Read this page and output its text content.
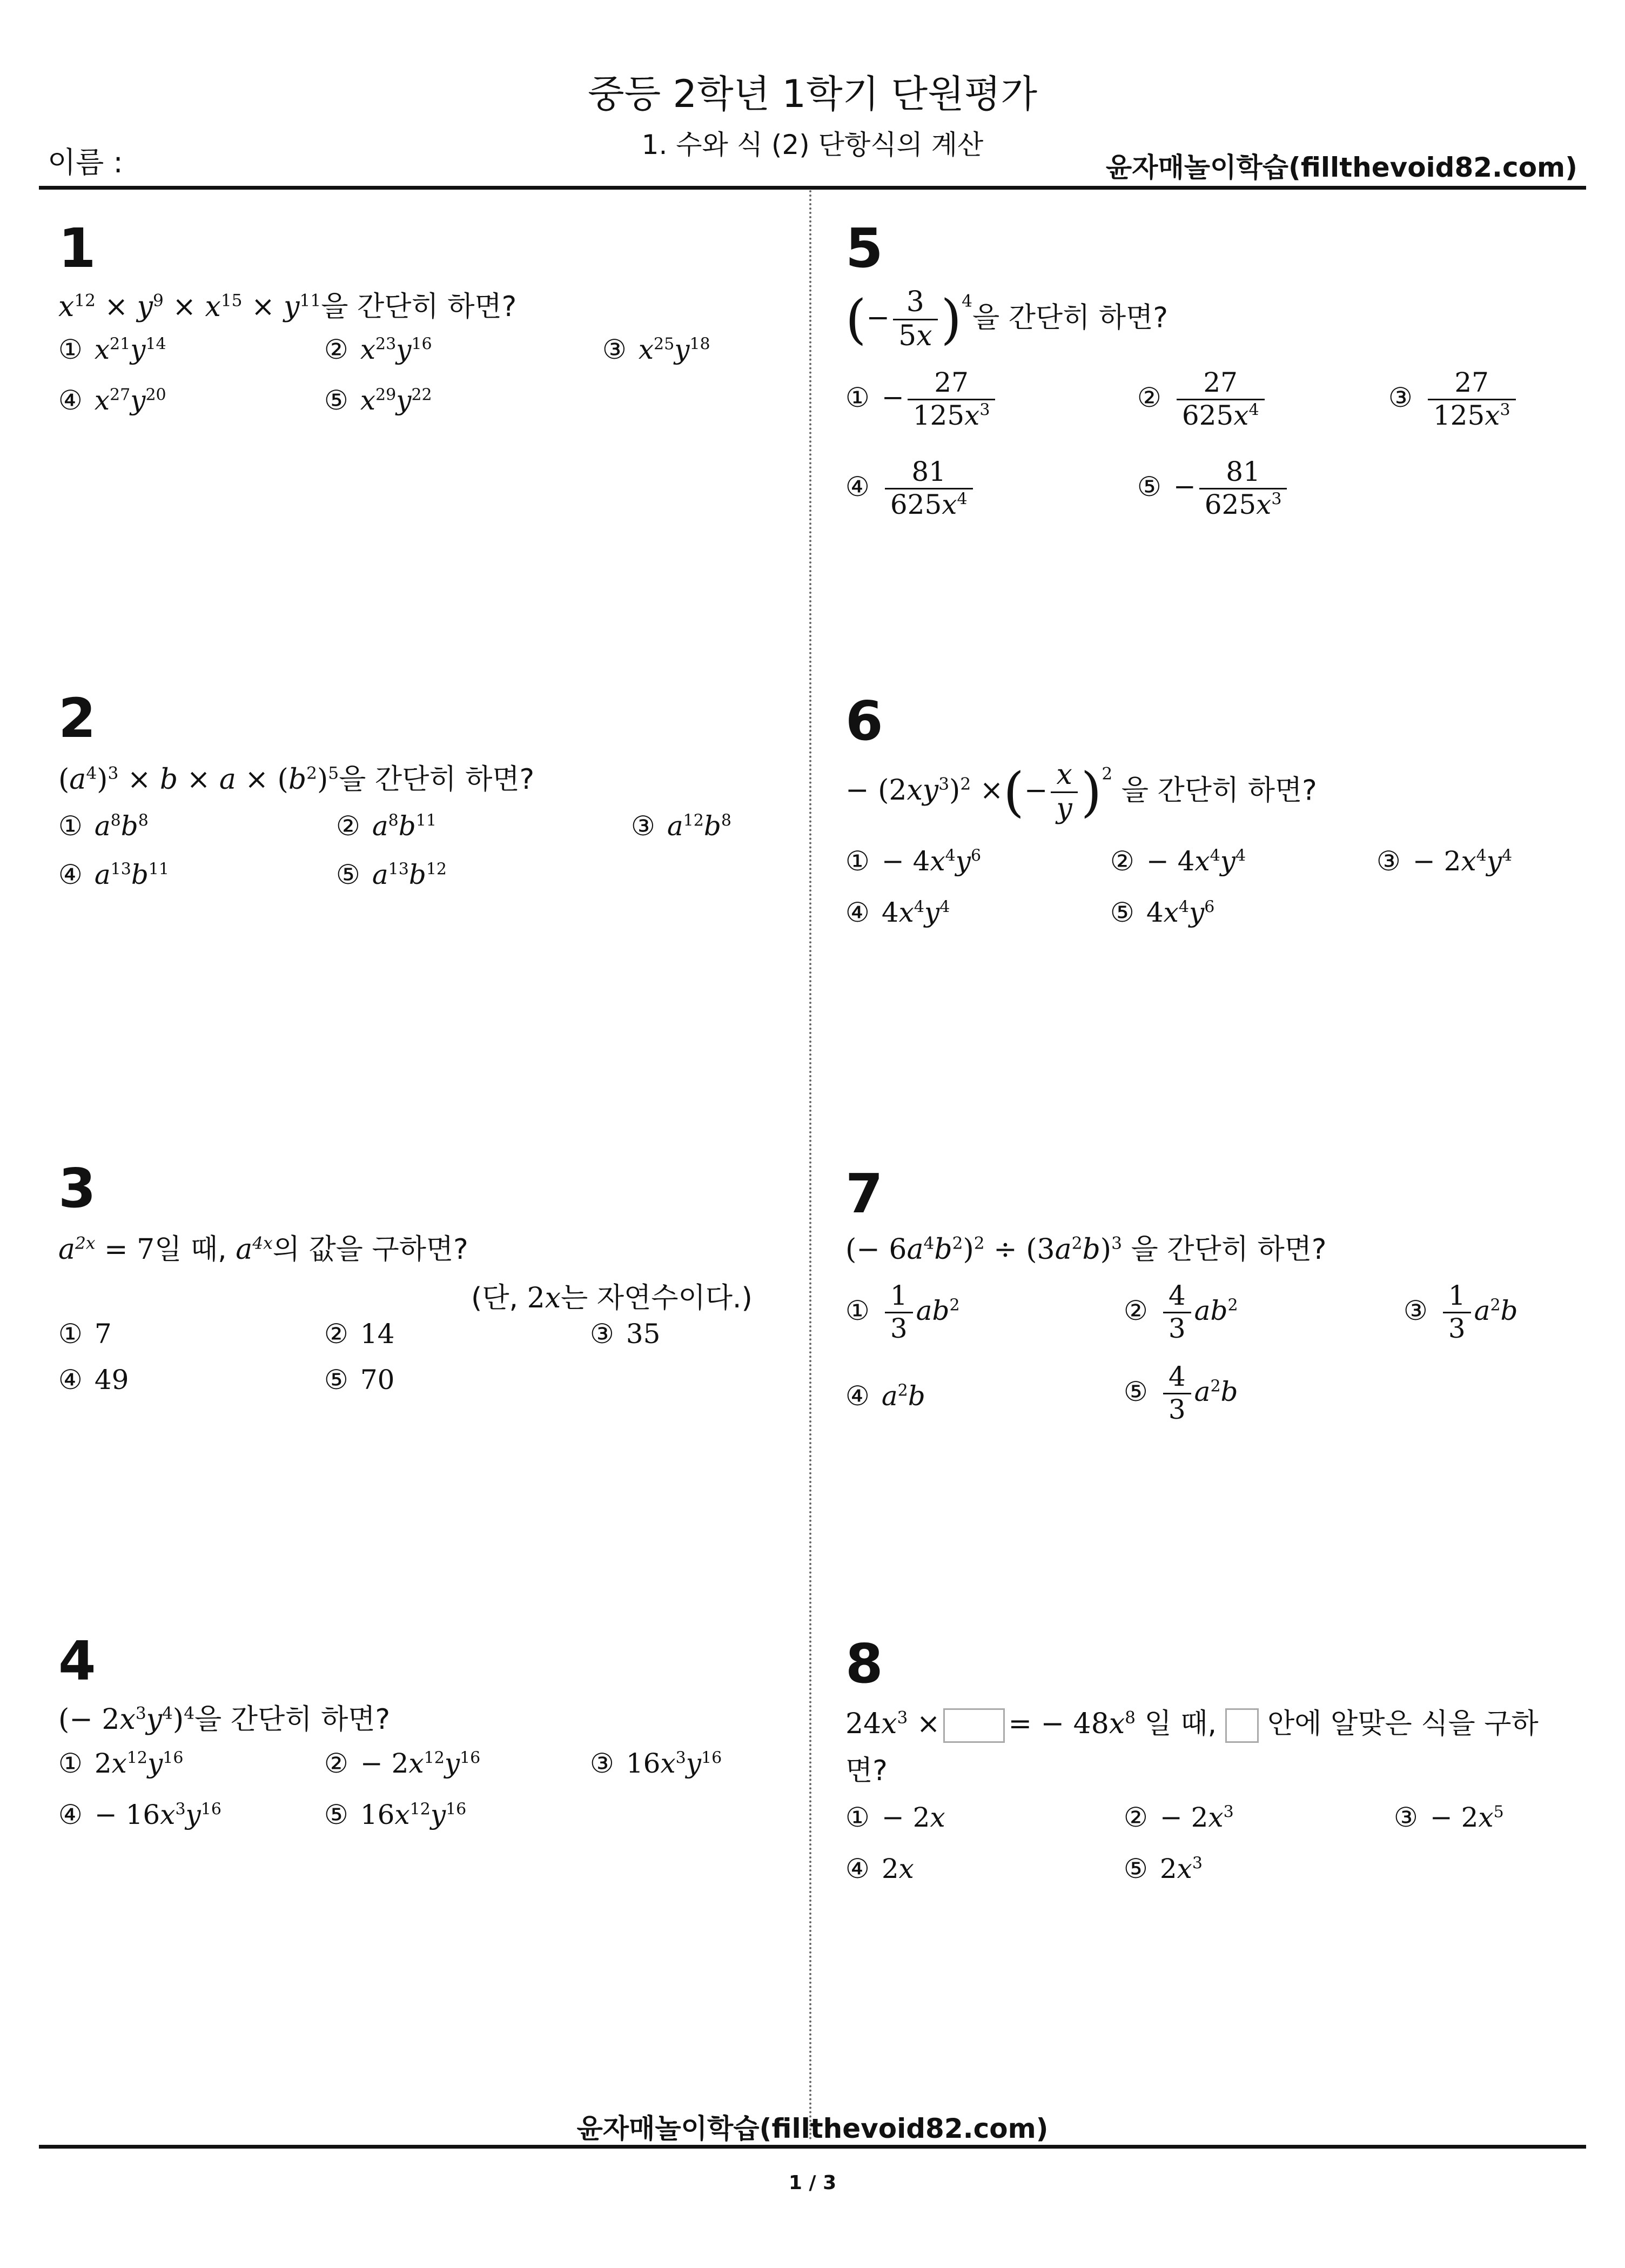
중등 2학년 1학기 단원평가
1. 수와 식 (2) 단항식의 계산
이름 :	윤자매놀이학습(fillthevoid82.com)
1
$x^{12} \times y^9 \times x^{15} \times y^{11}$을 간단히 하면?
① $x^{21}y^{14}$	② $x^{23}y^{16}$	③ $x^{25}y^{18}$
④ $x^{27}y^{20}$	⑤ $x^{29}y^{22}$
2
$(a^4)^3 \times b \times a \times (b^2)^5$을 간단히 하면?
① $a^8b^8$	② $a^8b^{11}$	③ $a^{12}b^8$
④ $a^{13}b^{11}$	⑤ $a^{13}b^{12}$
3
$a^{2x} = 7$일 때, $a^{4x}$의 값을 구하면?
(단, 2x는 자연수이다.)
① 7	② 14	③ 35
④ 49	⑤ 70
4
(− $2x^3y^4)^4$을 간단히 하면?
① $2x^{12}y^{16}$	② − $2x^{12}y^{16}$	③ $16x^3y^{16}$
④ − $16x^3y^{16}$	⑤ $16x^{12}y^{16}$
5
(− $\frac{3}{5x} )^4$을 간단히 하면?
① − $\frac{27}{125x^3}$	② $\frac{27}{625x^4}$	③ $\frac{27}{125x^3}$
④ $\frac{81}{625x^4}$	⑤ − $\frac{81}{625x^3}$
6
− $(2xy^3)^2$ ×(− $\frac{x}{y} )^2$ 을 간단히 하면?
① − $4x^4y^6$	② − $4x^4y^4$	③ − $2x^4y^4$
④ $4x^4y^4$	⑤ $4x^4y^6$
7
(− $6a^4b^2)^2 \div (3a^2b)^3$ 을 간단히 하면?
① $\frac{1}{3} ab^2$	② $\frac{4}{3} ab^2$	③ $\frac{1}{3} a^2b$
④ $a^2b$	⑤ $\frac{4}{3} a^2b$
8
$24x^3$ × = − $48x^8$ 일 때, 안에 알맞은 식을 구하
면?
① − 2x	② − $2x^3$	③ − $2x^5$
④ 2x	⑤ $2x^3$
윤자매놀이학습(fillthevoid82.com)
1 / 3
